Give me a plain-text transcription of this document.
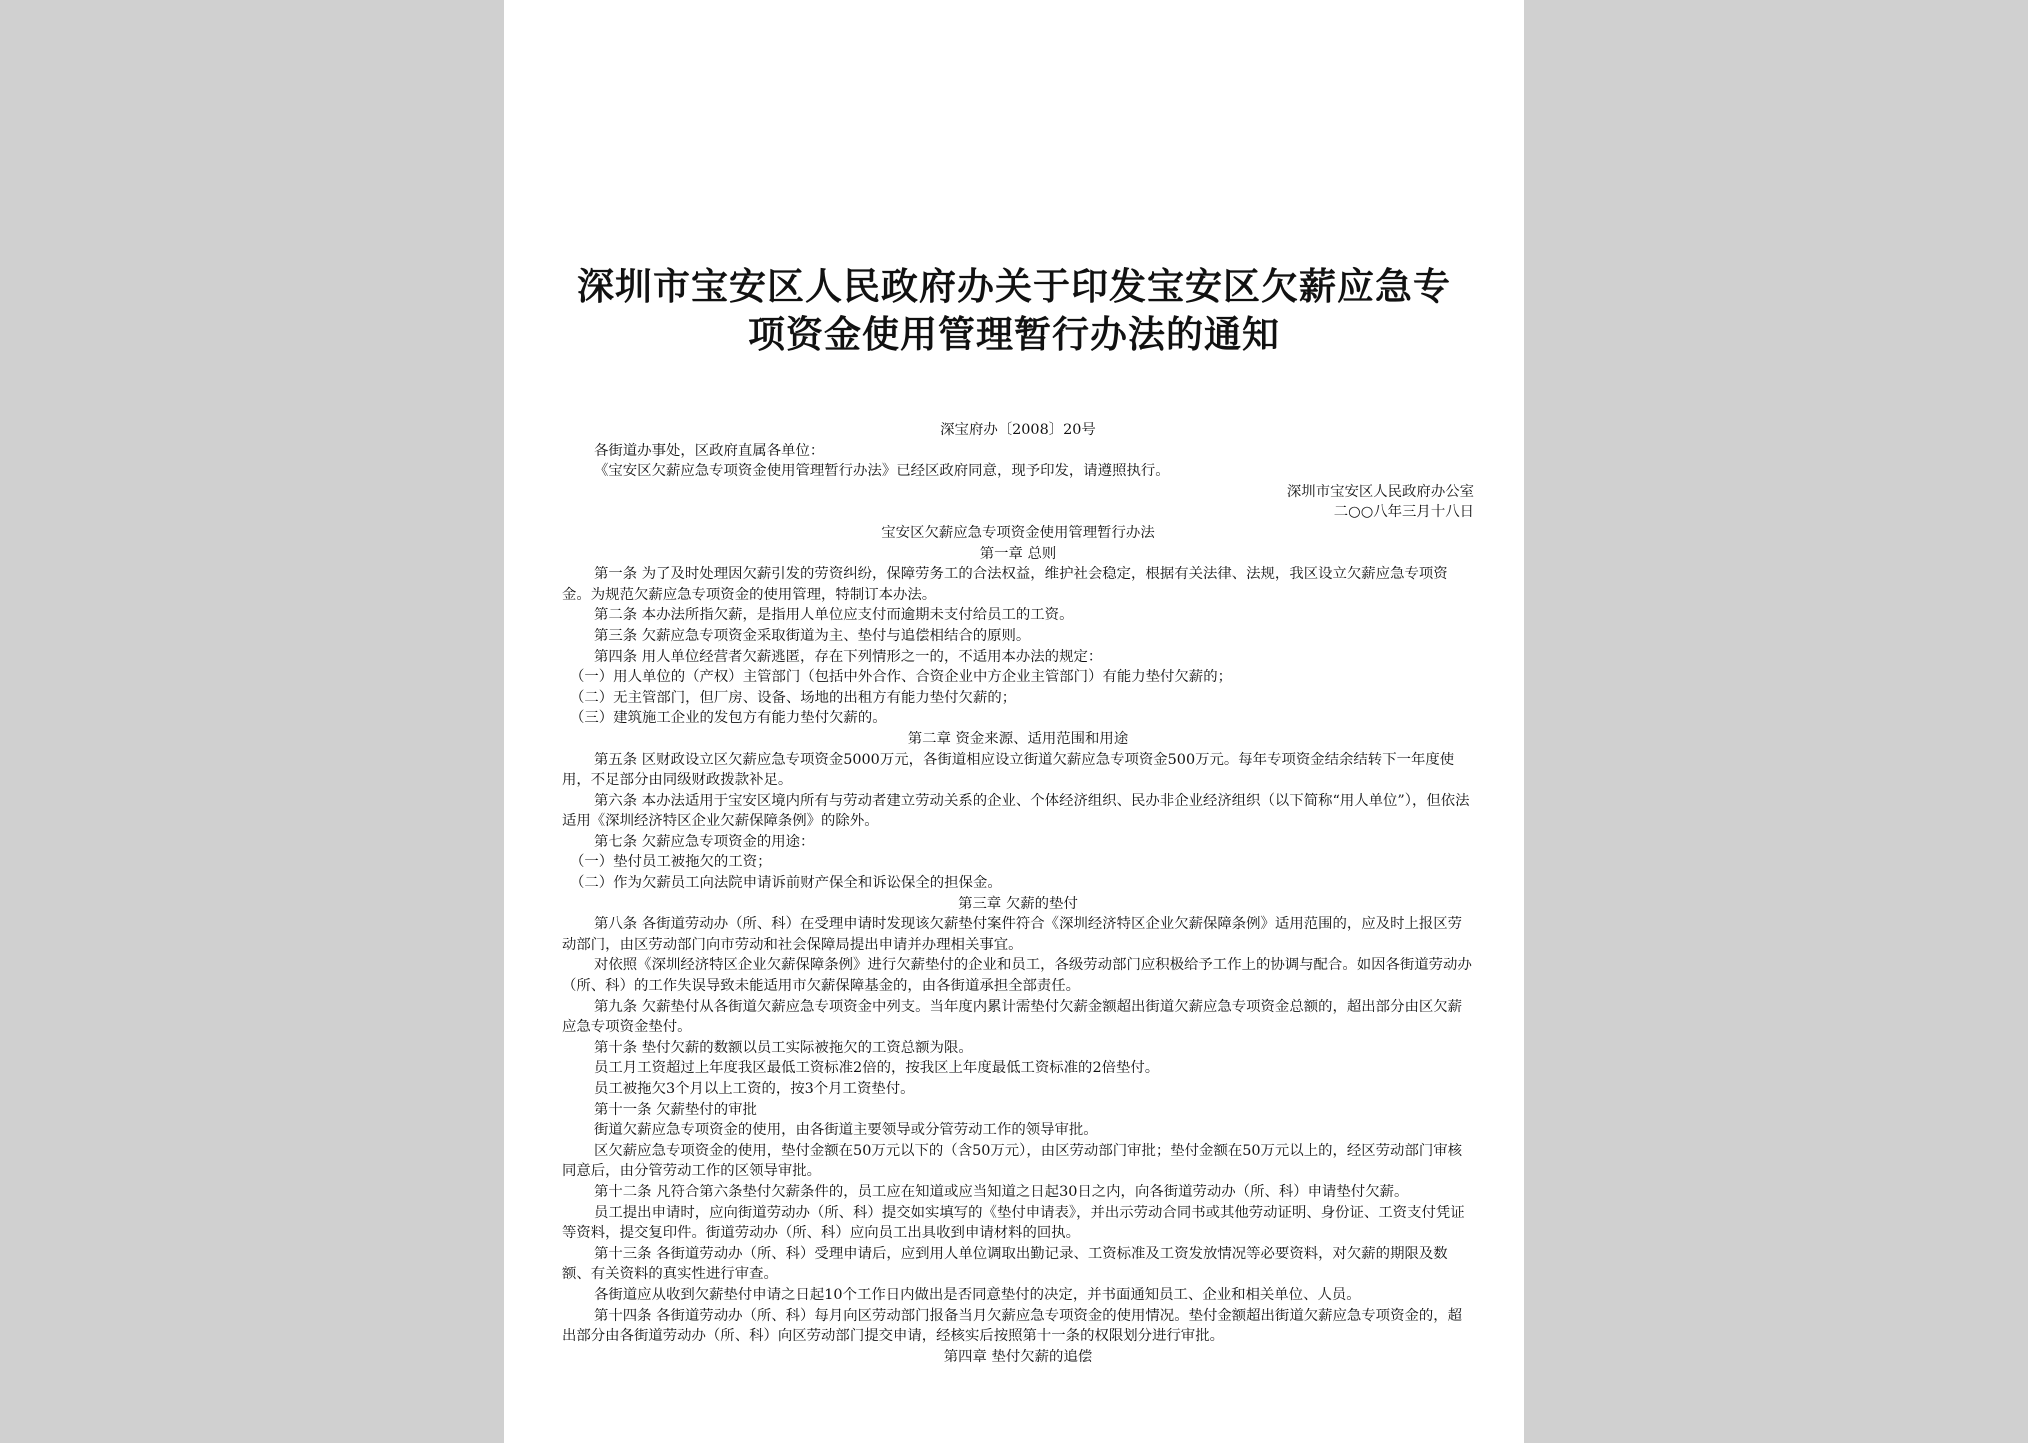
深圳市宝安区人民政府办关于印发宝安区欠薪应急专
项资金使用管理暂行办法的通知

深宝府办〔2008〕20号

各街道办事处，区政府直属各单位：

《宝安区欠薪应急专项资金使用管理暂行办法》已经区政府同意，现予印发，请遵照执行。

深圳市宝安区人民政府办公室

二○○八年三月十八日

宝安区欠薪应急专项资金使用管理暂行办法

第一章 总则

第一条 为了及时处理因欠薪引发的劳资纠纷，保障劳务工的合法权益，维护社会稳定，根据有关法律、法规，我区设立欠薪应急专项资金。为规范欠薪应急专项资金的使用管理，特制订本办法。

第二条 本办法所指欠薪，是指用人单位应支付而逾期未支付给员工的工资。

第三条 欠薪应急专项资金采取街道为主、垫付与追偿相结合的原则。

第四条 用人单位经营者欠薪逃匿，存在下列情形之一的，不适用本办法的规定：

（一）用人单位的（产权）主管部门（包括中外合作、合资企业中方企业主管部门）有能力垫付欠薪的；

（二）无主管部门，但厂房、设备、场地的出租方有能力垫付欠薪的；

（三）建筑施工企业的发包方有能力垫付欠薪的。

第二章 资金来源、适用范围和用途

第五条 区财政设立区欠薪应急专项资金5000万元，各街道相应设立街道欠薪应急专项资金500万元。每年专项资金结余结转下一年度使用，不足部分由同级财政拨款补足。

第六条 本办法适用于宝安区境内所有与劳动者建立劳动关系的企业、个体经济组织、民办非企业经济组织（以下简称“用人单位”），但依法适用《深圳经济特区企业欠薪保障条例》的除外。

第七条 欠薪应急专项资金的用途：

（一）垫付员工被拖欠的工资；

（二）作为欠薪员工向法院申请诉前财产保全和诉讼保全的担保金。

第三章 欠薪的垫付

第八条 各街道劳动办（所、科）在受理申请时发现该欠薪垫付案件符合《深圳经济特区企业欠薪保障条例》适用范围的，应及时上报区劳动部门，由区劳动部门向市劳动和社会保障局提出申请并办理相关事宜。

对依照《深圳经济特区企业欠薪保障条例》进行欠薪垫付的企业和员工，各级劳动部门应积极给予工作上的协调与配合。如因各街道劳动办（所、科）的工作失误导致未能适用市欠薪保障基金的，由各街道承担全部责任。

第九条 欠薪垫付从各街道欠薪应急专项资金中列支。当年度内累计需垫付欠薪金额超出街道欠薪应急专项资金总额的，超出部分由区欠薪应急专项资金垫付。

第十条 垫付欠薪的数额以员工实际被拖欠的工资总额为限。

员工月工资超过上年度我区最低工资标准2倍的，按我区上年度最低工资标准的2倍垫付。

员工被拖欠3个月以上工资的，按3个月工资垫付。

第十一条 欠薪垫付的审批

街道欠薪应急专项资金的使用，由各街道主要领导或分管劳动工作的领导审批。

区欠薪应急专项资金的使用，垫付金额在50万元以下的（含50万元），由区劳动部门审批；垫付金额在50万元以上的，经区劳动部门审核同意后，由分管劳动工作的区领导审批。

第十二条 凡符合第六条垫付欠薪条件的，员工应在知道或应当知道之日起30日之内，向各街道劳动办（所、科）申请垫付欠薪。

员工提出申请时，应向街道劳动办（所、科）提交如实填写的《垫付申请表》，并出示劳动合同书或其他劳动证明、身份证、工资支付凭证等资料，提交复印件。街道劳动办（所、科）应向员工出具收到申请材料的回执。

第十三条 各街道劳动办（所、科）受理申请后，应到用人单位调取出勤记录、工资标准及工资发放情况等必要资料，对欠薪的期限及数额、有关资料的真实性进行审查。

各街道应从收到欠薪垫付申请之日起10个工作日内做出是否同意垫付的决定，并书面通知员工、企业和相关单位、人员。

第十四条 各街道劳动办（所、科）每月向区劳动部门报备当月欠薪应急专项资金的使用情况。垫付金额超出街道欠薪应急专项资金的，超出部分由各街道劳动办（所、科）向区劳动部门提交申请，经核实后按照第十一条的权限划分进行审批。

第四章 垫付欠薪的追偿
